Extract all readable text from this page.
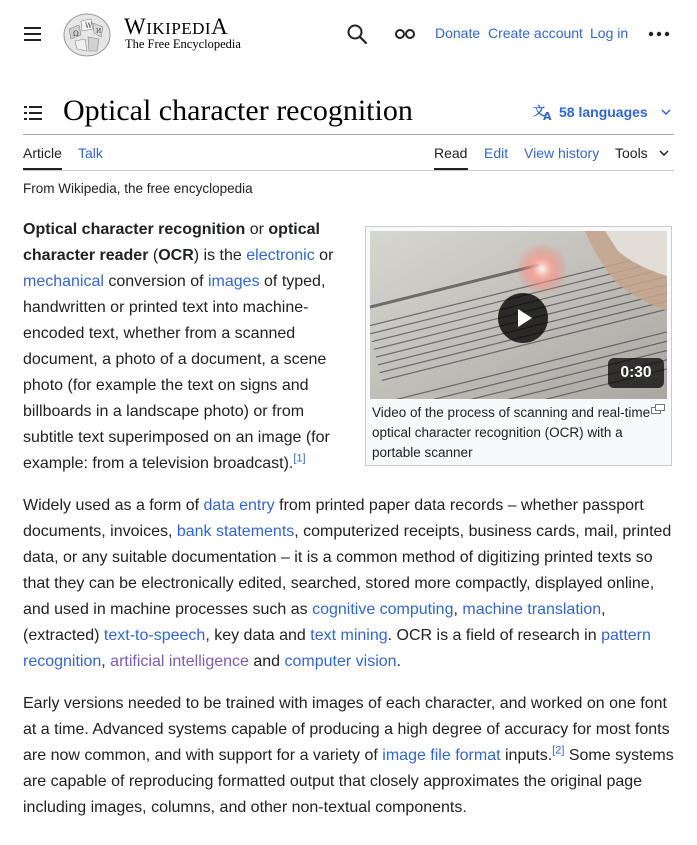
Ω
W
И WIKIPEDIA
The Free Encyclopedia
Donate Create account Log in
Optical character recognition	文
A 58 languages
Article Talk	Read Edit View history Tools
From Wikipedia, the free encyclopedia

Optical character recognition or optical character reader (OCR) is the electronic or mechanical conversion of images of typed, handwritten or printed text into machine-encoded text, whether from a scanned document, a photo of a document, a scene photo (for example the text on signs and billboards in a landscape photo) or from subtitle text superimposed on an image (for example: from a television broadcast).[1]

0:30
Video of the process of scanning and real-time optical character recognition (OCR) with a portable scanner

Widely used as a form of data entry from printed paper data records – whether passport documents, invoices, bank statements, computerized receipts, business cards, mail, printed data, or any suitable documentation – it is a common method of digitizing printed texts so that they can be electronically edited, searched, stored more compactly, displayed online, and used in machine processes such as cognitive computing, machine translation, (extracted) text-to-speech, key data and text mining. OCR is a field of research in pattern recognition, artificial intelligence and computer vision.

Early versions needed to be trained with images of each character, and worked on one font at a time. Advanced systems capable of producing a high degree of accuracy for most fonts are now common, and with support for a variety of image file format inputs.[2] Some systems are capable of reproducing formatted output that closely approximates the original page including images, columns, and other non-textual components.
